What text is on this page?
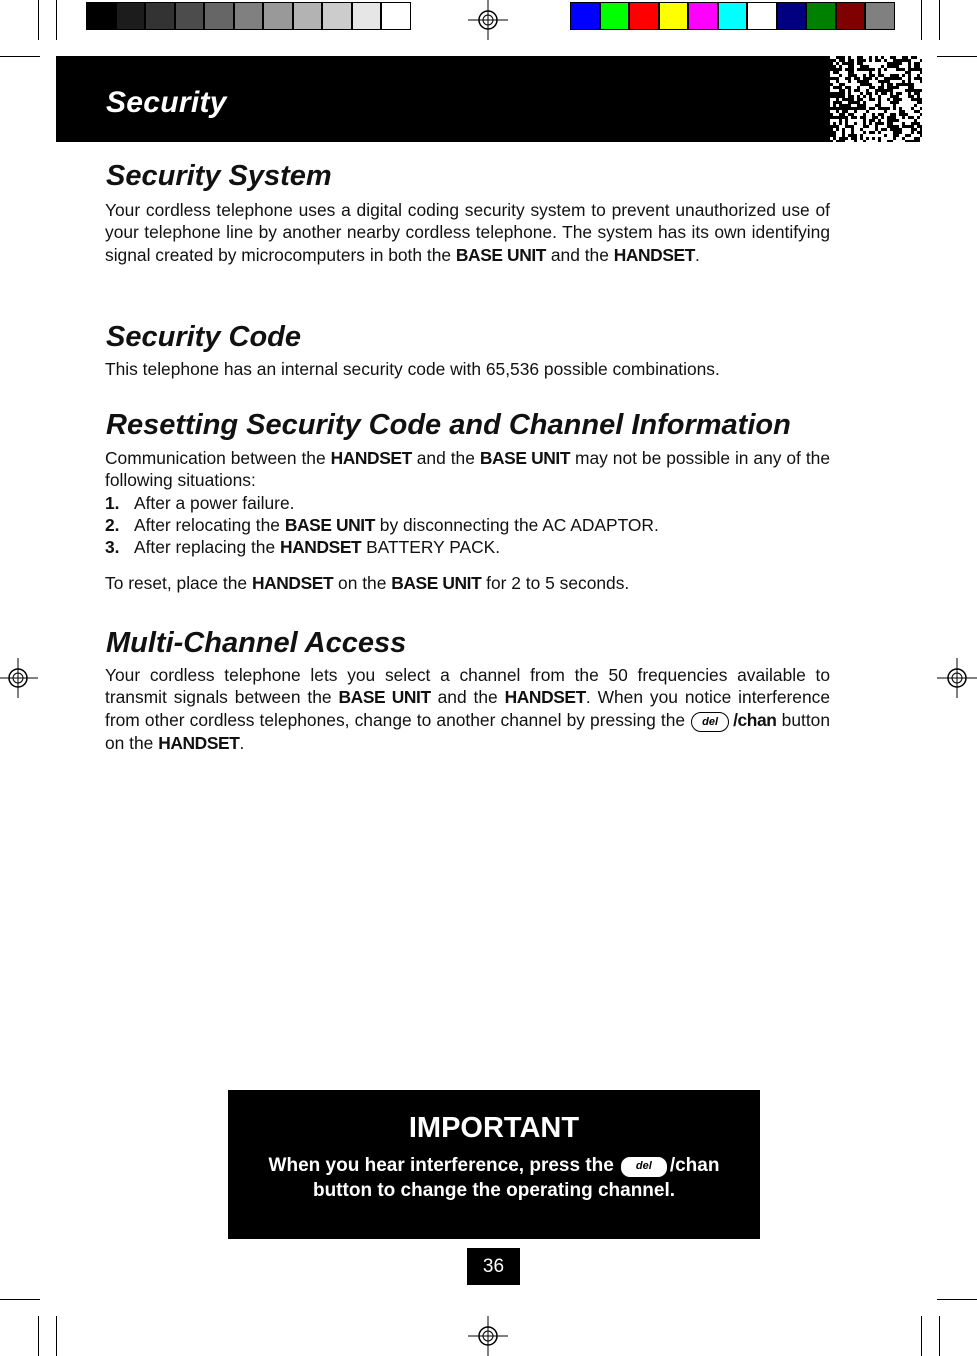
Security
Security System

Your cordless telephone uses a digital coding security system to prevent unauthorized use of your telephone line by another nearby cordless telephone. The system has its own identifying signal created by microcomputers in both the BASE UNIT and the HANDSET.

Security Code

This telephone has an internal security code with 65,536 possible combinations.

Resetting Security Code and Channel Information

Communication between the HANDSET and the BASE UNIT may not be possible in any of the following situations:

1. After a power failure.
2. After relocating the BASE UNIT by disconnecting the AC ADAPTOR.
3. After replacing the HANDSET BATTERY PACK.

To reset, place the HANDSET on the BASE UNIT for 2 to 5 seconds.

Multi-Channel Access

Your cordless telephone lets you select a channel from the 50 frequencies available to transmit signals between the BASE UNIT and the HANDSET. When you notice interference from other cordless telephones, change to another channel by pressing the del /chan button on the HANDSET.

IMPORTANT
When you hear interference, press the del /chan
button to change the operating channel.
36
